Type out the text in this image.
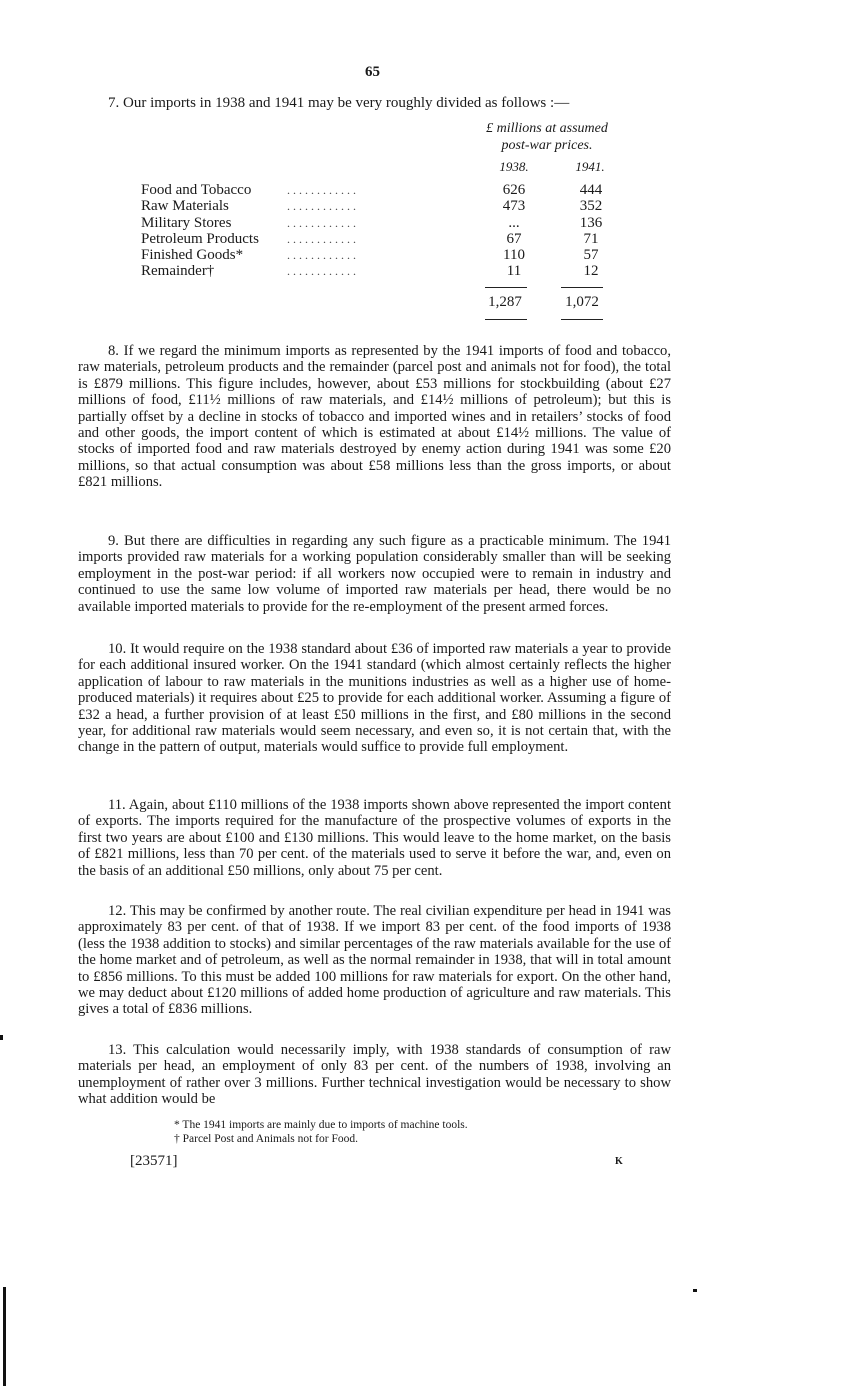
65
7. Our imports in 1938 and 1941 may be very roughly divided as follows :—
£ millions at assumed
post-war prices.
1938.	1941.
Food and Tobacco	. . . . . . . . . . . .	626	444
Raw Materials	. . . . . . . . . . . .	473	352
Military Stores	. . . . . . . . . . . .	...	136
Petroleum Products . . . . . . . . . . . .	67	71
Finished Goods*	. . . . . . . . . . . .	110	57
Remainder†	. . . . . . . . . . . .	11	12
1,287	1,072

8. If we regard the minimum imports as represented by the 1941 imports of food and tobacco, raw materials, petroleum products and the remainder (parcel post and animals not for food), the total is £879 millions. This figure includes, however, about £53 millions for stockbuilding (about £27 millions of food, £11½ millions of raw materials, and £14½ millions of petroleum); but this is partially offset by a decline in stocks of tobacco and imported wines and in retailers’ stocks of food and other goods, the import content of which is estimated at about £14½ millions. The value of stocks of imported food and raw materials destroyed by enemy action during 1941 was some £20 millions, so that actual consumption was about £58 millions less than the gross imports, or about £821 millions.

9. But there are difficulties in regarding any such figure as a practicable minimum. The 1941 imports provided raw materials for a working population considerably smaller than will be seeking employment in the post-war period: if all workers now occupied were to remain in industry and continued to use the same low volume of imported raw materials per head, there would be no available imported materials to provide for the re-employment of the present armed forces.

10. It would require on the 1938 standard about £36 of imported raw materials a year to provide for each additional insured worker. On the 1941 standard (which almost certainly reflects the higher application of labour to raw materials in the munitions industries as well as a higher use of home-produced materials) it requires about £25 to provide for each additional worker. Assuming a figure of £32 a head, a further provision of at least £50 millions in the first, and £80 millions in the second year, for additional raw materials would seem necessary, and even so, it is not certain that, with the change in the pattern of output, materials would suffice to provide full employment.

11. Again, about £110 millions of the 1938 imports shown above represented the import content of exports. The imports required for the manufacture of the prospective volumes of exports in the first two years are about £100 and £130 millions. This would leave to the home market, on the basis of £821 millions, less than 70 per cent. of the materials used to serve it before the war, and, even on the basis of an additional £50 millions, only about 75 per cent.

12. This may be confirmed by another route. The real civilian expenditure per head in 1941 was approximately 83 per cent. of that of 1938. If we import 83 per cent. of the food imports of 1938 (less the 1938 addition to stocks) and similar percentages of the raw materials available for the use of the home market and of petroleum, as well as the normal remainder in 1938, that will in total amount to £856 millions. To this must be added 100 millions for raw materials for export. On the other hand, we may deduct about £120 millions of added home production of agriculture and raw materials. This gives a total of £836 millions.

13. This calculation would necessarily imply, with 1938 standards of consumption of raw materials per head, an employment of only 83 per cent. of the numbers of 1938, involving an unemployment of rather over 3 millions. Further technical investigation would be necessary to show what addition would be

* The 1941 imports are mainly due to imports of machine tools.
† Parcel Post and Animals not for Food.
[23571]	K
